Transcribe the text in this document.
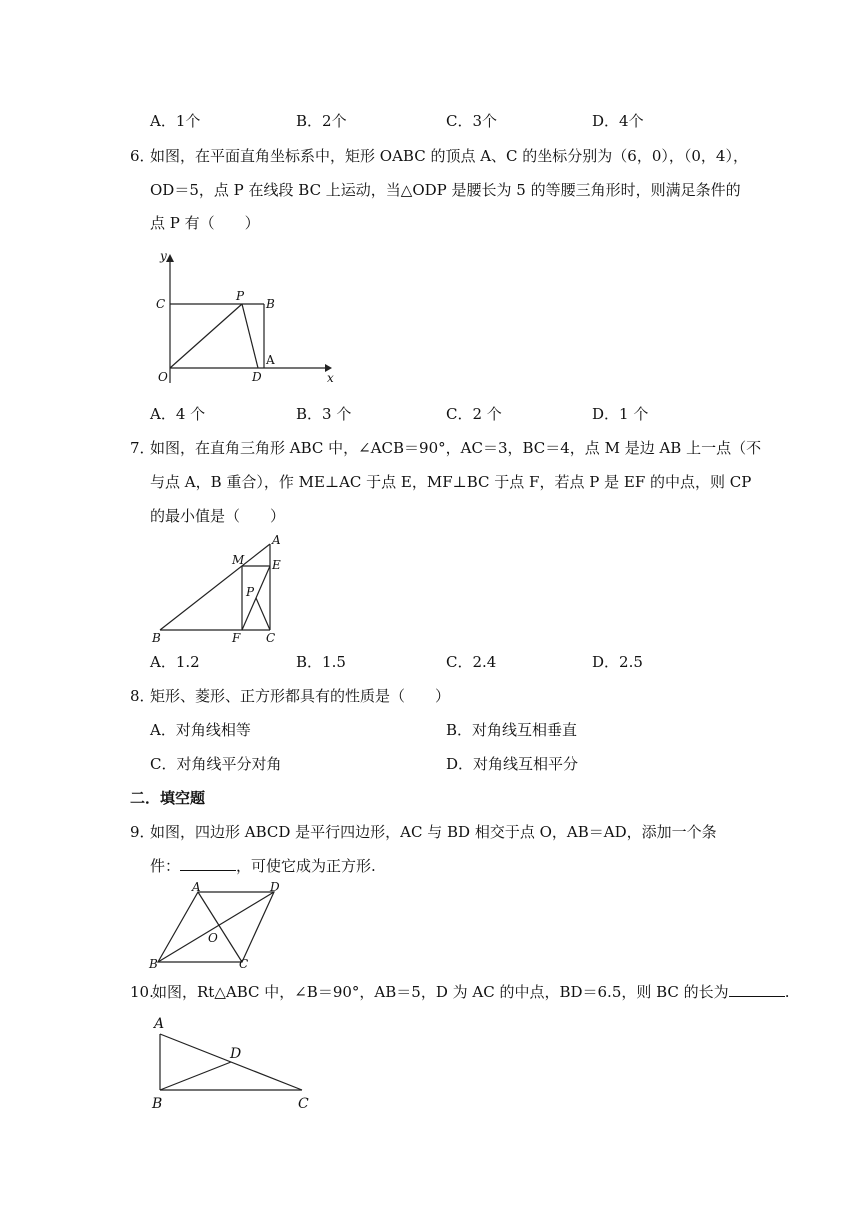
A．1个	B．2个	C．3个	D．4个
6．
如图，在平面直角坐标系中，矩形 OABC 的顶点 A、C 的坐标分别为（6，0），（0，4），
OD＝5，点 P 在线段 BC 上运动，当△ODP 是腰长为 5 的等腰三角形时，则满足条件的
点 P 有（　　）
y
x
C
P
B
A
O	D
A．4 个	B．3 个	C．2 个	D．1 个
7．
如图，在直角三角形 ABC 中，∠ACB＝90°，AC＝3，BC＝4，点 M 是边 AB 上一点（不
与点 A，B 重合），作 ME⊥AC 于点 E，MF⊥BC 于点 F，若点 P 是 EF 的中点，则 CP
的最小值是（　　）
A
M E
P
B	F C
A．1.2	B．1.5	C．2.4	D．2.5
8．
矩形、菱形、正方形都具有的性质是（　　）
A．对角线相等	B．对角线互相垂直
C．对角线平分对角	D．对角线互相平分
二．填空题
9．
如图，四边形 ABCD 是平行四边形，AC 与 BD 相交于点 O，AB＝AD，添加一个条
件：	，可使它成为正方形.
A	D
O
B	C
10.
如图，Rt△ABC 中，∠B＝90°，AB＝5，D 为 AC 的中点，BD＝6.5，则 BC 的长为	.
A
D
B	C
